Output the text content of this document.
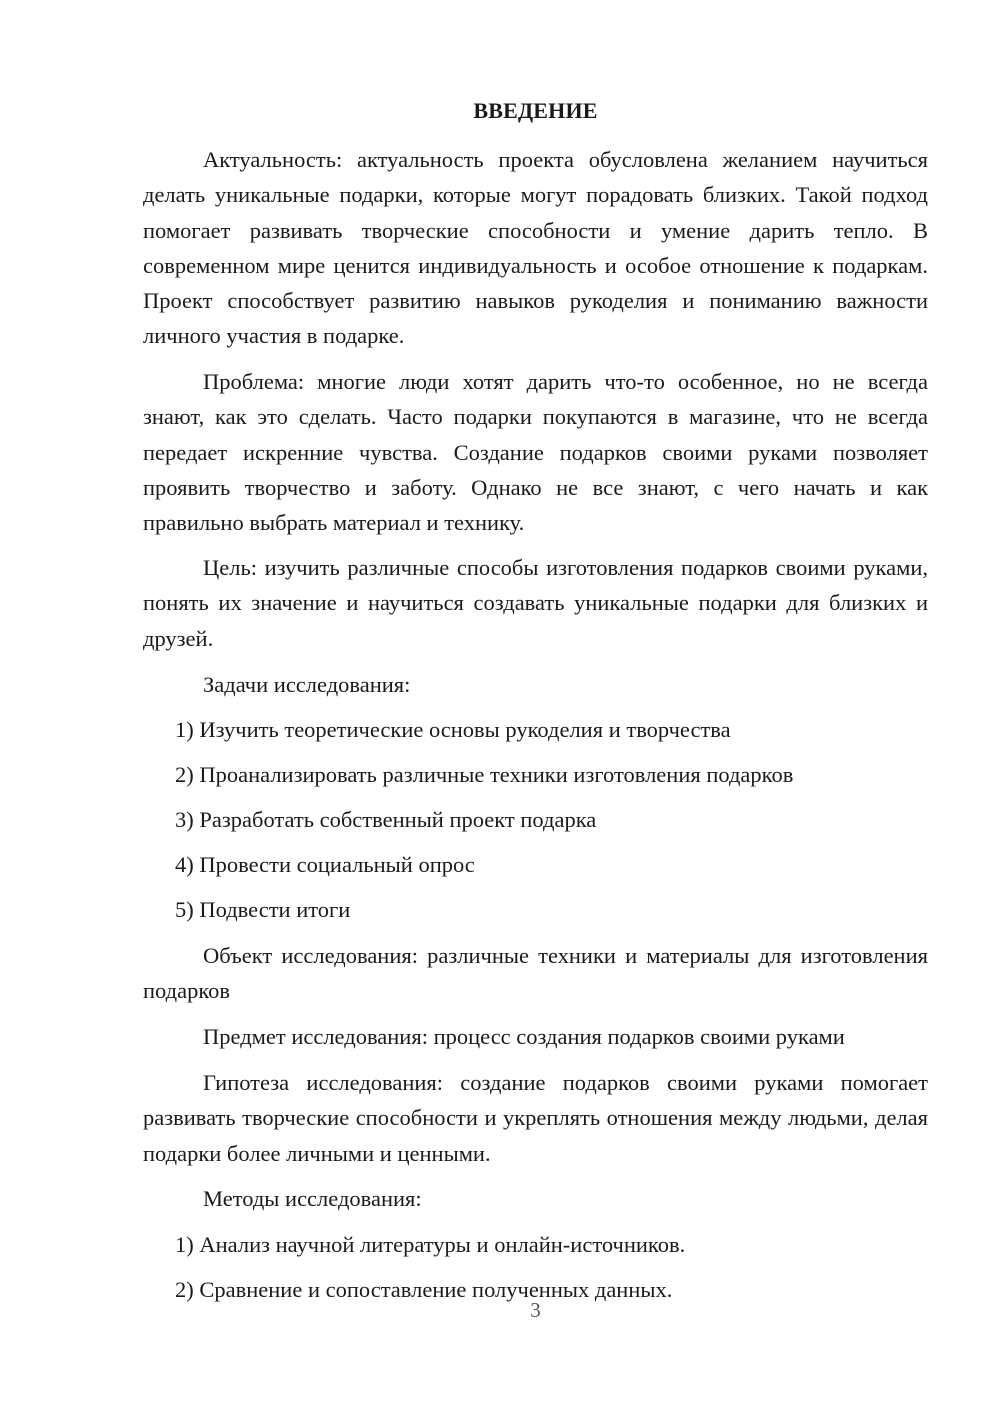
ВВЕДЕНИЕ

Актуальность: актуальность проекта обусловлена желанием научиться делать уникальные подарки, которые могут порадовать близких. Такой подход помогает развивать творческие способности и умение дарить тепло. В современном мире ценится индивидуальность и особое отношение к подаркам. Проект способствует развитию навыков рукоделия и пониманию важности личного участия в подарке.

Проблема: многие люди хотят дарить что-то особенное, но не всегда знают, как это сделать. Часто подарки покупаются в магазине, что не всегда передает искренние чувства. Создание подарков своими руками позволяет проявить творчество и заботу. Однако не все знают, с чего начать и как правильно выбрать материал и технику.

Цель: изучить различные способы изготовления подарков своими руками, понять их значение и научиться создавать уникальные подарки для близких и друзей.

Задачи исследования:

1) Изучить теоретические основы рукоделия и творчества

2) Проанализировать различные техники изготовления подарков

3) Разработать собственный проект подарка

4) Провести социальный опрос

5) Подвести итоги

Объект исследования: различные техники и материалы для изготовления подарков

Предмет исследования: процесс создания подарков своими руками

Гипотеза исследования: создание подарков своими руками помогает развивать творческие способности и укреплять отношения между людьми, делая подарки более личными и ценными.

Методы исследования:

1) Анализ научной литературы и онлайн-источников.

2) Сравнение и сопоставление полученных данных.

3
